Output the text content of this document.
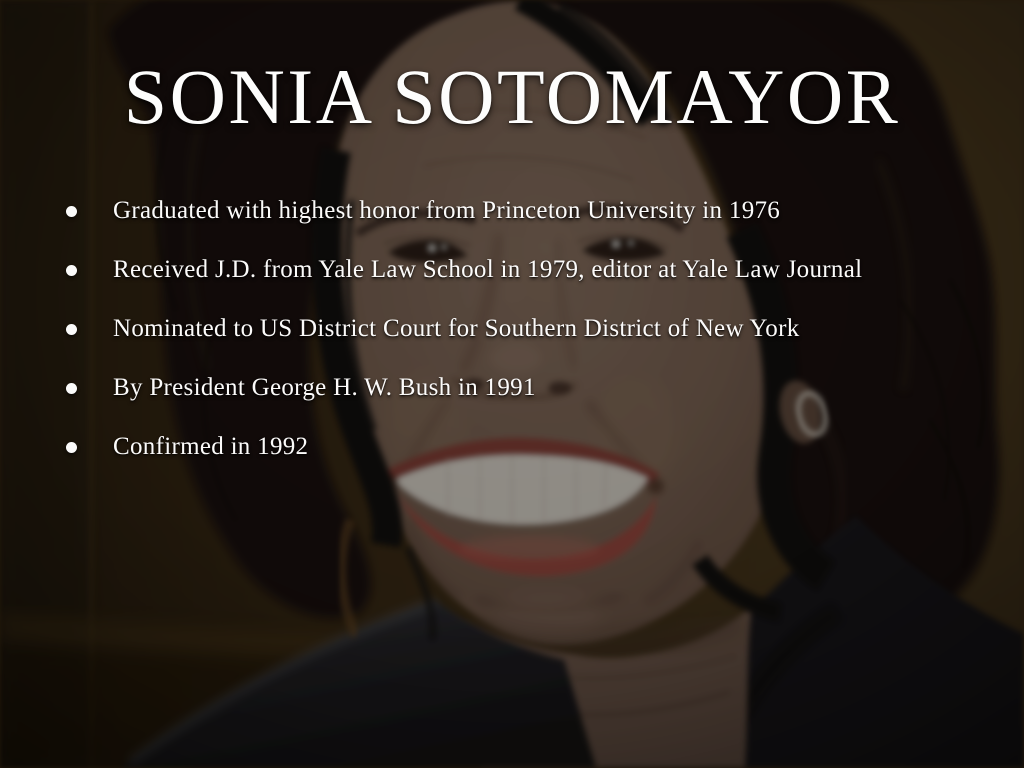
SONIA SOTOMAYOR
Graduated with highest honor from Princeton University in 1976
Received J.D. from Yale Law School in 1979, editor at Yale Law Journal
Nominated to US District Court for Southern District of New York
By President George H. W. Bush in 1991
Confirmed in 1992
